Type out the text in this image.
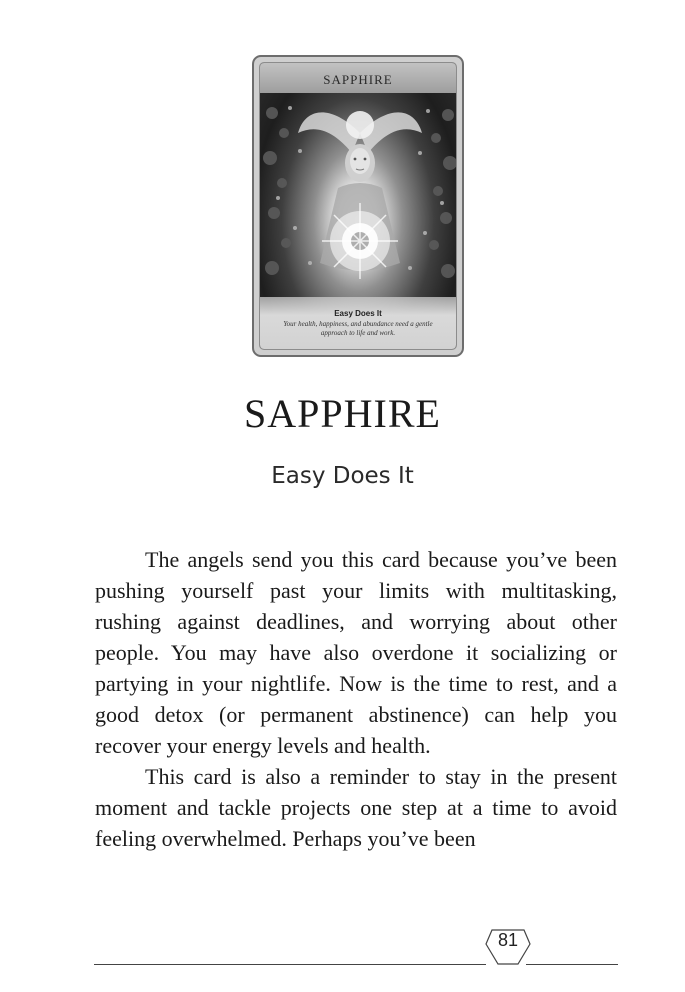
SAPPHIRE
Easy Does It
Your health, happiness, and abundance need a gentle approach to life and work.
SAPPHIRE
Easy Does It

The angels send you this card because you’ve been pushing yourself past your limits with multitasking, rushing against deadlines, and worrying about other people. You may have also overdone it socializing or partying in your nightlife. Now is the time to rest, and a good detox (or permanent abstinence) can help you recover your energy levels and health.

This card is also a reminder to stay in the present moment and tackle projects one step at a time to avoid feeling overwhelmed. Perhaps you’ve been

81
